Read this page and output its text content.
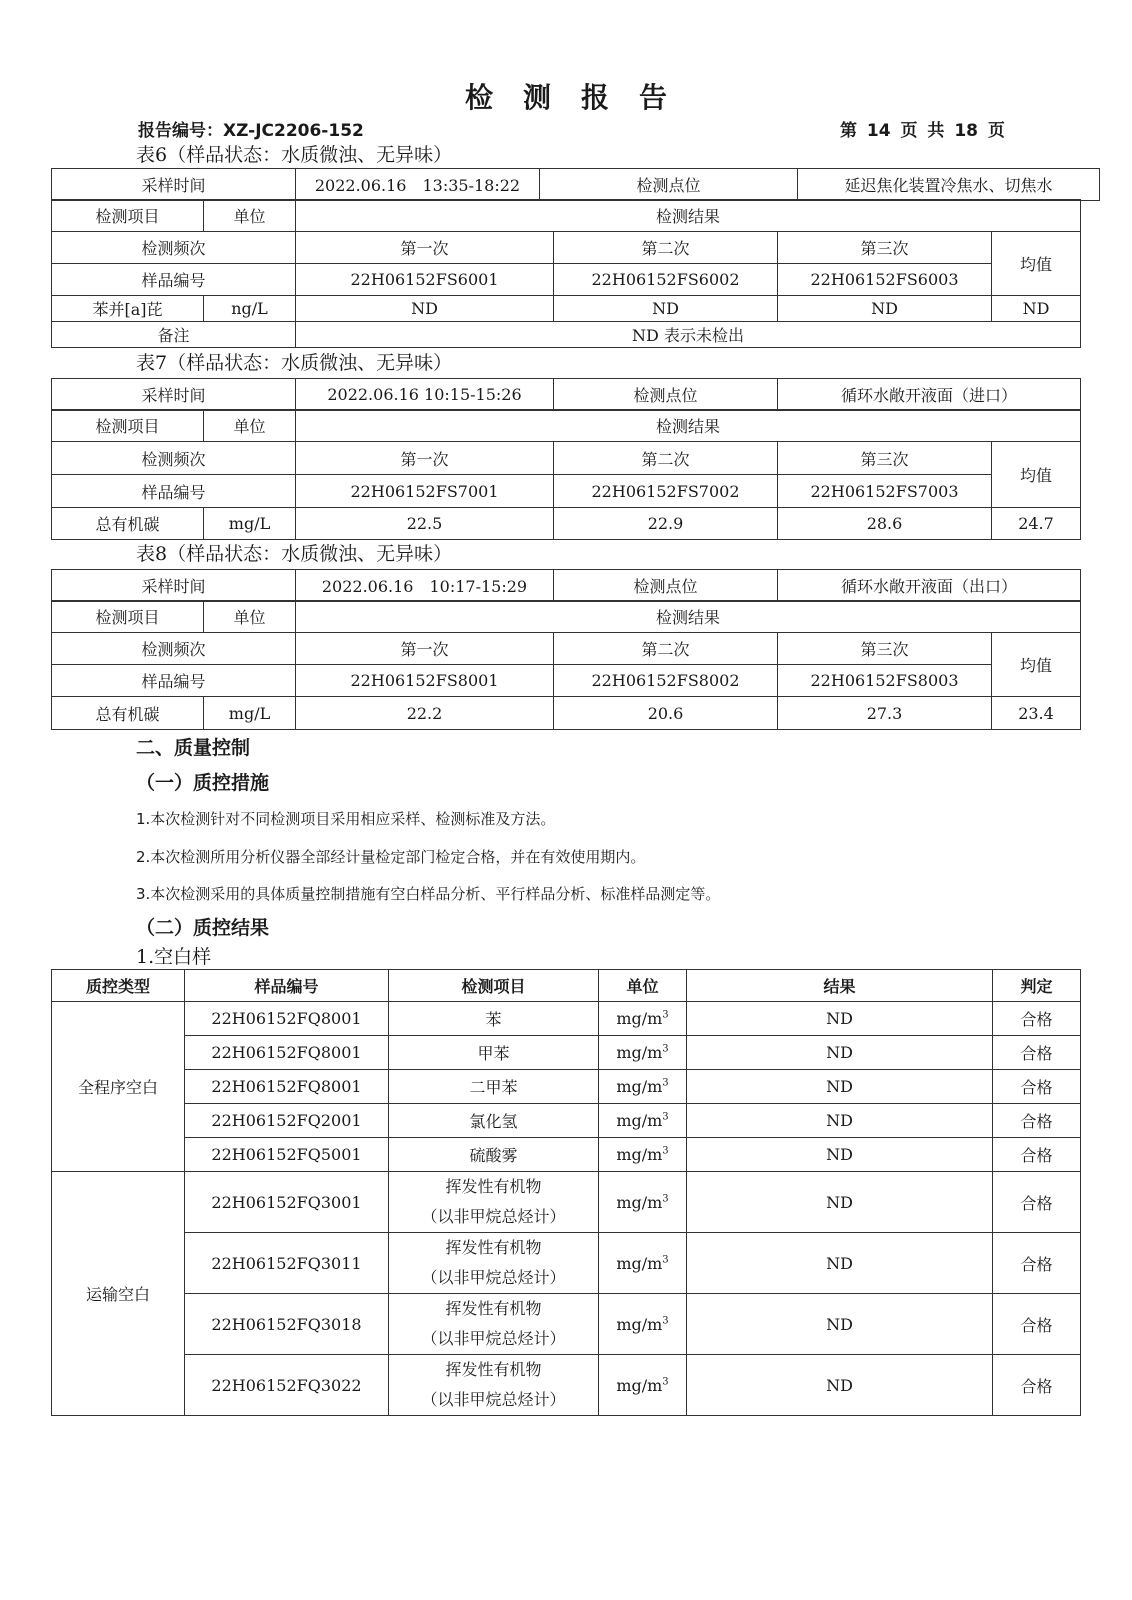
检测报告
报告编号：XZ-JC2206-152	第 14 页 共 18 页
表6（样品状态：水质微浊、无异味）
采样时间	2022.06.16　13:35-18:22	检测点位	延迟焦化装置冷焦水、切焦水
检测项目	单位	检测结果			
检测频次		第一次	第二次	第三次	均值
样品编号		22H06152FS6001	22H06152FS6002	22H06152FS6003	
苯并[a]芘	ng/L	ND	ND	ND	ND
备注		ND 表示未检出			
表7（样品状态：水质微浊、无异味）
采样时间	2022.06.16 10:15-15:26	检测点位	循环水敞开液面（进口）
检测项目	单位	检测结果			
检测频次		第一次	第二次	第三次	均值
样品编号		22H06152FS7001	22H06152FS7002	22H06152FS7003	
总有机碳	mg/L	22.5	22.9	28.6	24.7
表8（样品状态：水质微浊、无异味）
采样时间	2022.06.16　10:17-15:29	检测点位	循环水敞开液面（出口）
检测项目	单位	检测结果			
检测频次		第一次	第二次	第三次	均值
样品编号		22H06152FS8001	22H06152FS8002	22H06152FS8003	
总有机碳	mg/L	22.2	20.6	27.3	23.4
二、质量控制
（一）质控措施
1.本次检测针对不同检测项目采用相应采样、检测标准及方法。
2.本次检测所用分析仪器全部经计量检定部门检定合格，并在有效使用期内。
3.本次检测采用的具体质量控制措施有空白样品分析、平行样品分析、标准样品测定等。
（二）质控结果
1.空白样
质控类型	样品编号	检测项目	单位	结果	判定
全程序空白	22H06152FQ8001	苯	$mg/m^3$	ND	合格
	22H06152FQ8001	甲苯	$mg/m^3$	ND	合格
	22H06152FQ8001	二甲苯	$mg/m^3$	ND	合格
	22H06152FQ2001	氯化氢	$mg/m^3$	ND	合格
	22H06152FQ5001	硫酸雾	$mg/m^3$	ND	合格
运输空白	22H06152FQ3001	挥发性有机物
（以非甲烷总烃计）	$mg/m^3$	ND	合格
	22H06152FQ3011	挥发性有机物
（以非甲烷总烃计）	$mg/m^3$	ND	合格
	22H06152FQ3018	挥发性有机物
（以非甲烷总烃计）	$mg/m^3$	ND	合格
	22H06152FQ3022	挥发性有机物
（以非甲烷总烃计）	$mg/m^3$	ND	合格
